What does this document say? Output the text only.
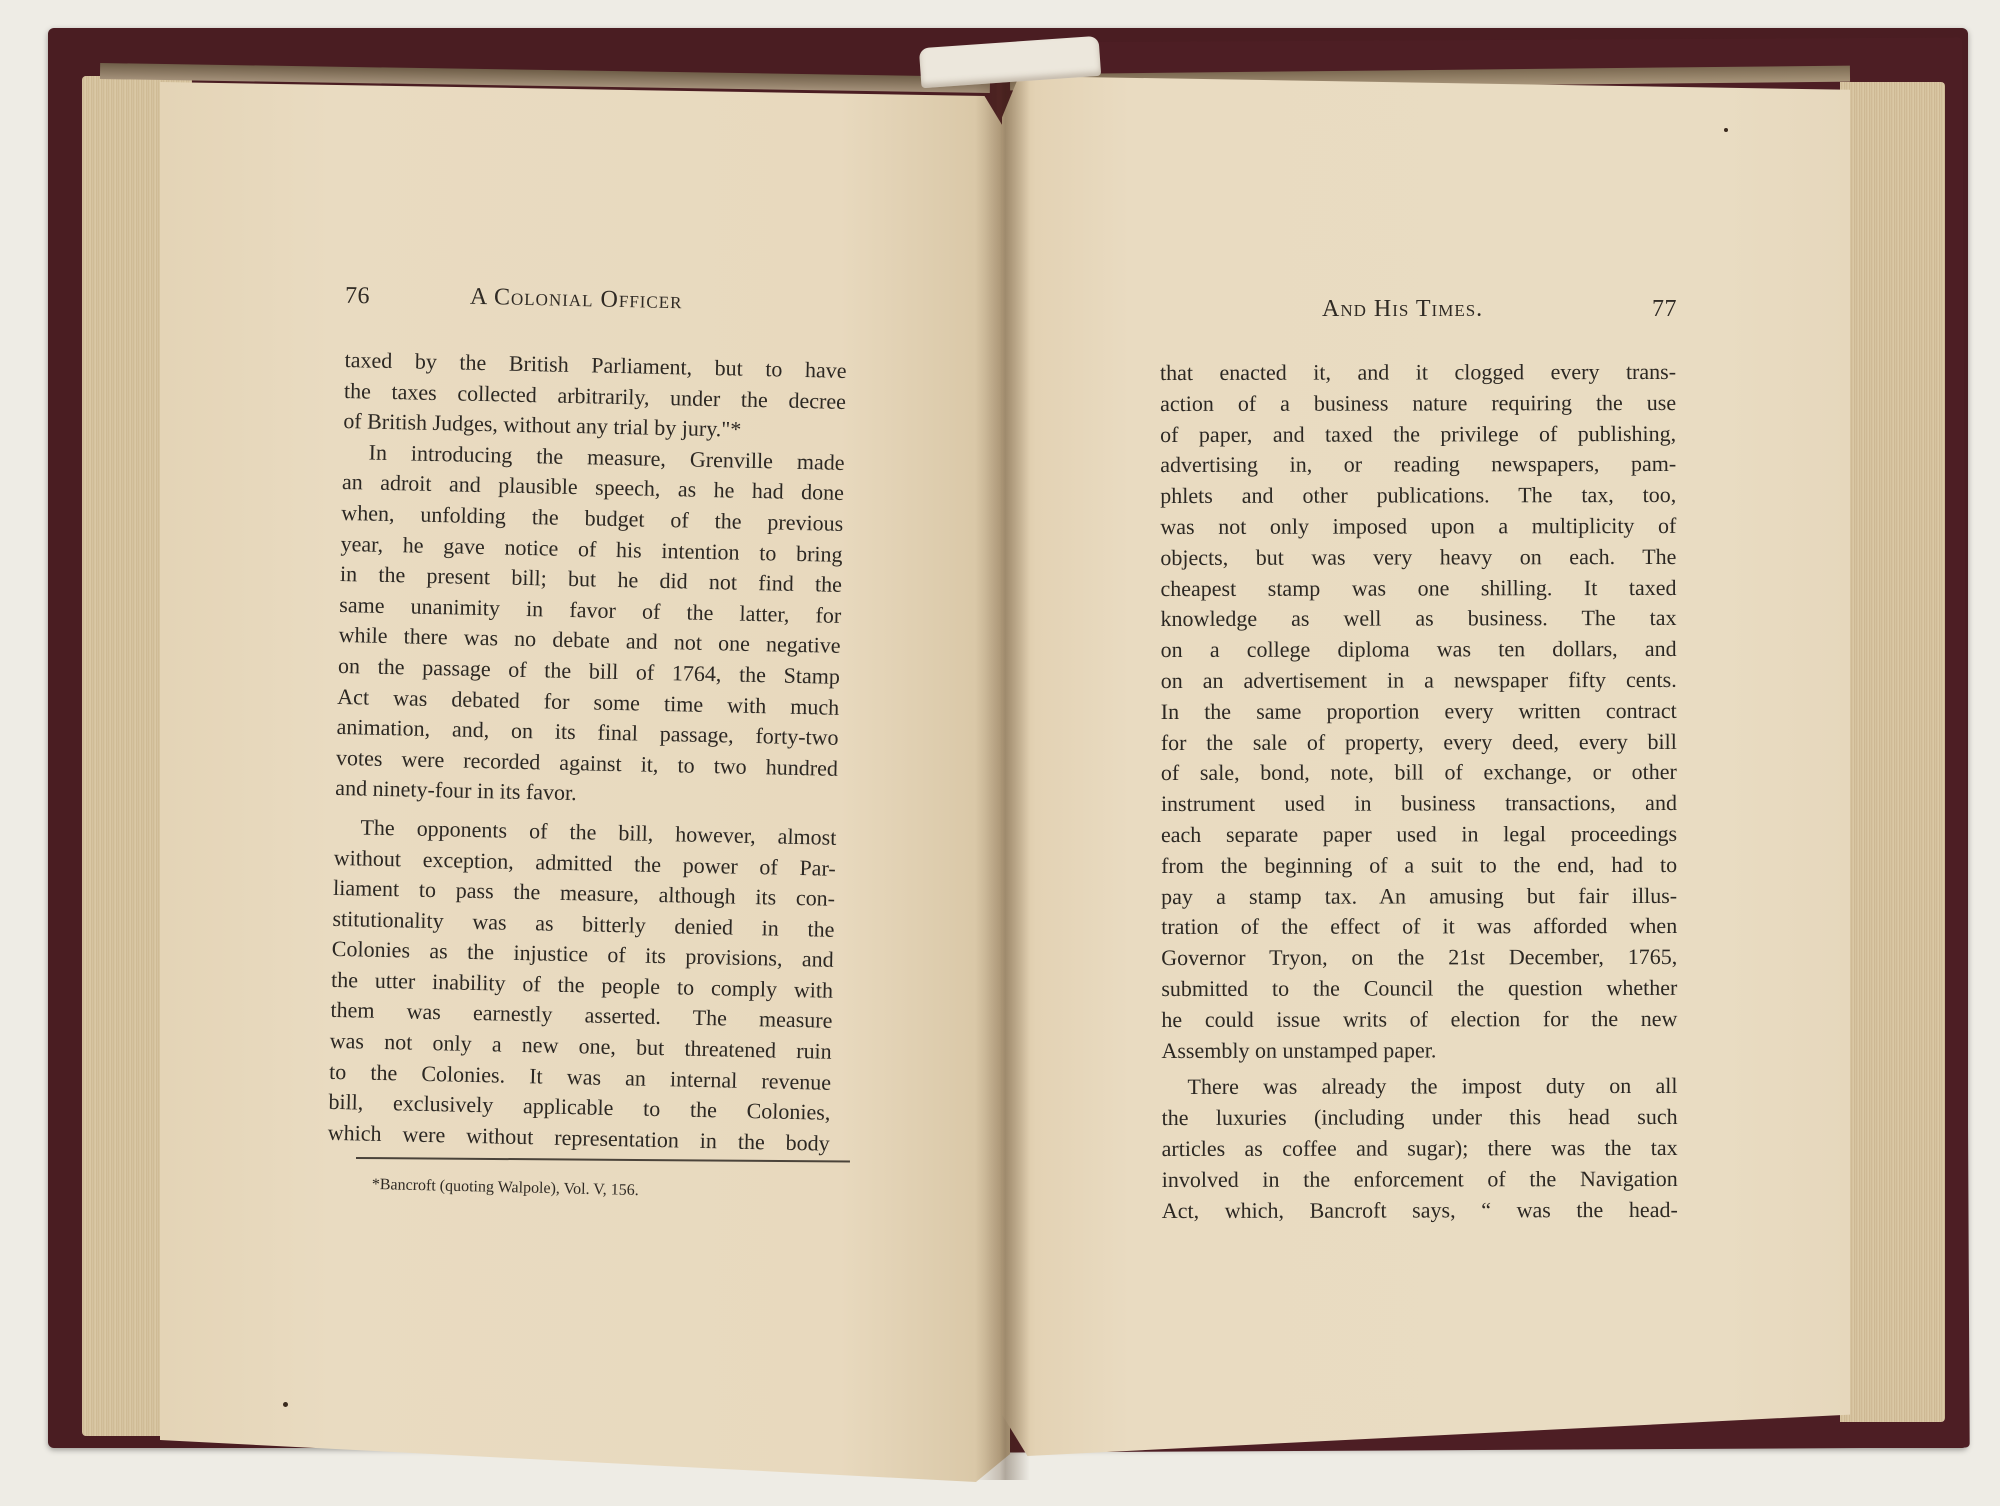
76	A Colonial Officer	And His Times.	77
taxed by the British Parliament, but to have
the taxes collected arbitrarily, under the decree
of British Judges, without any trial by jury."*
In introducing the measure, Grenville made
an adroit and plausible speech, as he had done
when, unfolding the budget of the previous
year, he gave notice of his intention to bring
in the present bill; but he did not find the
same unanimity in favor of the latter, for
while there was no debate and not one negative
on the passage of the bill of 1764, the Stamp
Act was debated for some time with much
animation, and, on its final passage, forty-two
votes were recorded against it, to two hundred
and ninety-four in its favor.
The opponents of the bill, however, almost
without exception, admitted the power of Par-
liament to pass the measure, although its con-
stitutionality was as bitterly denied in the
Colonies as the injustice of its provisions, and
the utter inability of the people to comply with
them was earnestly asserted. The measure
was not only a new one, but threatened ruin
to the Colonies. It was an internal revenue
bill, exclusively applicable to the Colonies,
which were without representation in the body
*Bancroft (quoting Walpole), Vol. V, 156.
that enacted it, and it clogged every trans-
action of a business nature requiring the use
of paper, and taxed the privilege of publishing,
advertising in, or reading newspapers, pam-
phlets and other publications. The tax, too,
was not only imposed upon a multiplicity of
objects, but was very heavy on each. The
cheapest stamp was one shilling. It taxed
knowledge as well as business. The tax
on a college diploma was ten dollars, and
on an advertisement in a newspaper fifty cents.
In the same proportion every written contract
for the sale of property, every deed, every bill
of sale, bond, note, bill of exchange, or other
instrument used in business transactions, and
each separate paper used in legal proceedings
from the beginning of a suit to the end, had to
pay a stamp tax. An amusing but fair illus-
tration of the effect of it was afforded when
Governor Tryon, on the 21st December, 1765,
submitted to the Council the question whether
he could issue writs of election for the new
Assembly on unstamped paper.
There was already the impost duty on all
the luxuries (including under this head such
articles as coffee and sugar); there was the tax
involved in the enforcement of the Navigation
Act, which, Bancroft says, “ was the head-
